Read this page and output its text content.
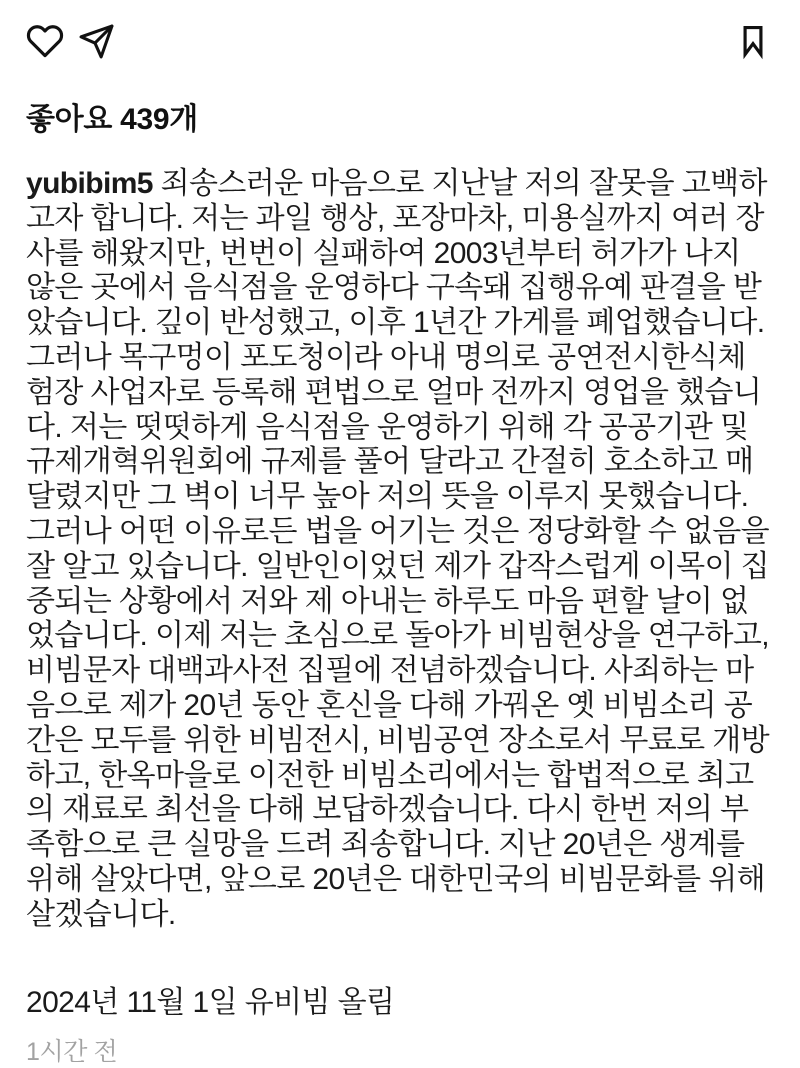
좋아요 439개
yubibim5 죄송스러운 마음으로 지난날 저의 잘못을 고백하고자 합니다. 저는 과일 행상, 포장마차, 미용실까지 여러 장사를 해왔지만, 번번이 실패하여 2003년부터 허가가 나지 않은 곳에서 음식점을 운영하다 구속돼 집행유예 판결을 받았습니다. 깊이 반성했고, 이후 1년간 가게를 폐업했습니다. 그러나 목구멍이 포도청이라 아내 명의로 공연전시한식체험장 사업자로 등록해 편법으로 얼마 전까지 영업을 했습니다. 저는 떳떳하게 음식점을 운영하기 위해 각 공공기관 및 규제개혁위원회에 규제를 풀어 달라고 간절히 호소하고 매달렸지만 그 벽이 너무 높아 저의 뜻을 이루지 못했습니다. 그러나 어떤 이유로든 법을 어기는 것은 정당화할 수 없음을 잘 알고 있습니다. 일반인이었던 제가 갑작스럽게 이목이 집중되는 상황에서 저와 제 아내는 하루도 마음 편할 날이 없었습니다. 이제 저는 초심으로 돌아가 비빔현상을 연구하고, 비빔문자 대백과사전 집필에 전념하겠습니다. 사죄하는 마음으로 제가 20년 동안 혼신을 다해 가꿔온 옛 비빔소리 공간은 모두를 위한 비빔전시, 비빔공연 장소로서 무료로 개방하고, 한옥마을로 이전한 비빔소리에서는 합법적으로 최고의 재료로 최선을 다해 보답하겠습니다. 다시 한번 저의 부족함으로 큰 실망을 드려 죄송합니다. 지난 20년은 생계를 위해 살았다면, 앞으로 20년은 대한민국의 비빔문화를 위해 살겠습니다.
2024년 11월 1일 유비빔 올림
1시간 전
